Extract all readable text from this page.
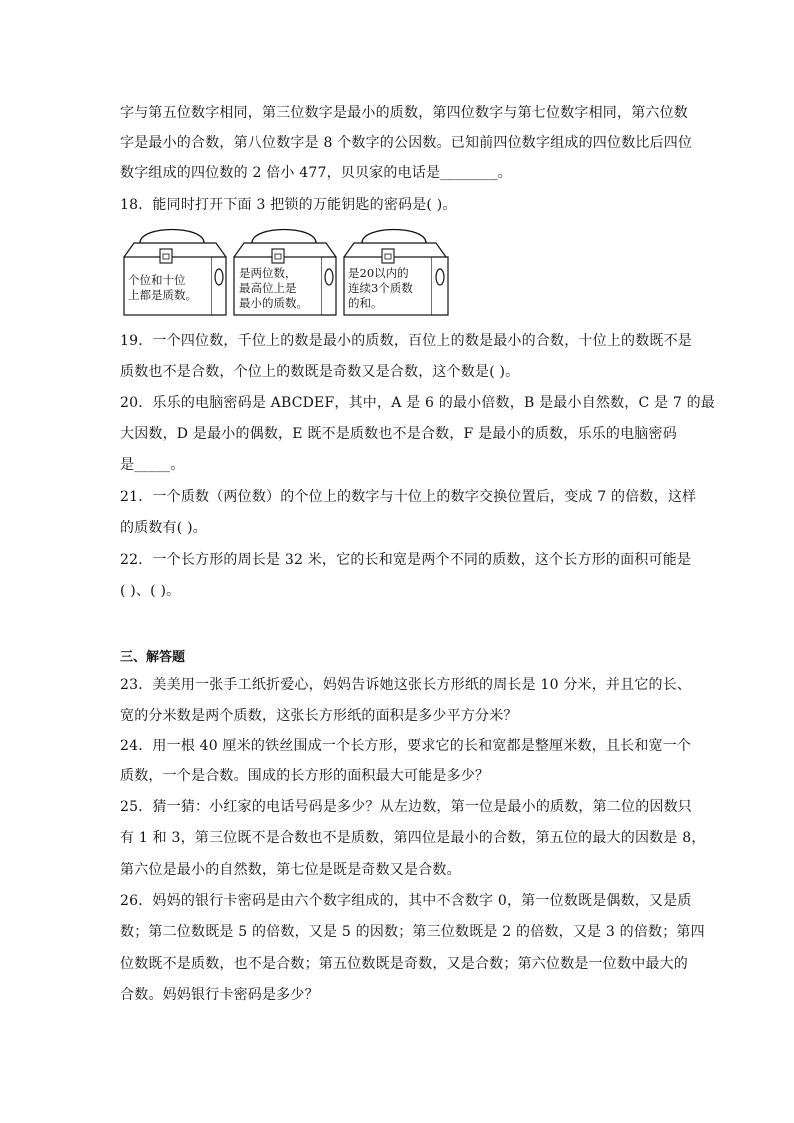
字与第五位数字相同，第三位数字是最小的质数，第四位数字与第七位数字相同，第六位数
字是最小的合数，第八位数字是 8 个数字的公因数。已知前四位数字组成的四位数比后四位
数字组成的四位数的 2 倍小 477，贝贝家的电话是________。
18．能同时打开下面 3 把锁的万能钥匙的密码是( )。
个位和十位
上都是质数。
是两位数，
最高位上是
最小的质数。
是20以内的
连续3个质数
的和。
19．一个四位数，千位上的数是最小的质数，百位上的数是最小的合数，十位上的数既不是
质数也不是合数，个位上的数既是奇数又是合数，这个数是( )。
20．乐乐的电脑密码是 ABCDEF，其中，A 是 6 的最小倍数，B 是最小自然数，C 是 7 的最
大因数，D 是最小的偶数，E 既不是质数也不是合数，F 是最小的质数，乐乐的电脑密码
是_____。
21．一个质数（两位数）的个位上的数字与十位上的数字交换位置后，变成 7 的倍数，这样
的质数有( )。
22．一个长方形的周长是 32 米，它的长和宽是两个不同的质数，这个长方形的面积可能是
( )、( )。
三、解答题
23．美美用一张手工纸折爱心，妈妈告诉她这张长方形纸的周长是 10 分米，并且它的长、
宽的分米数是两个质数，这张长方形纸的面积是多少平方分米？
24．用一根 40 厘米的铁丝围成一个长方形，要求它的长和宽都是整厘米数，且长和宽一个
质数，一个是合数。围成的长方形的面积最大可能是多少？
25．猜一猜：小红家的电话号码是多少？从左边数，第一位是最小的质数，第二位的因数只
有 1 和 3，第三位既不是合数也不是质数，第四位是最小的合数，第五位的最大的因数是 8，
第六位是最小的自然数，第七位是既是奇数又是合数。
26．妈妈的银行卡密码是由六个数字组成的，其中不含数字 0，第一位数既是偶数，又是质
数；第二位数既是 5 的倍数，又是 5 的因数；第三位数既是 2 的倍数，又是 3 的倍数；第四
位数既不是质数，也不是合数；第五位数既是奇数，又是合数；第六位数是一位数中最大的
合数。妈妈银行卡密码是多少？
